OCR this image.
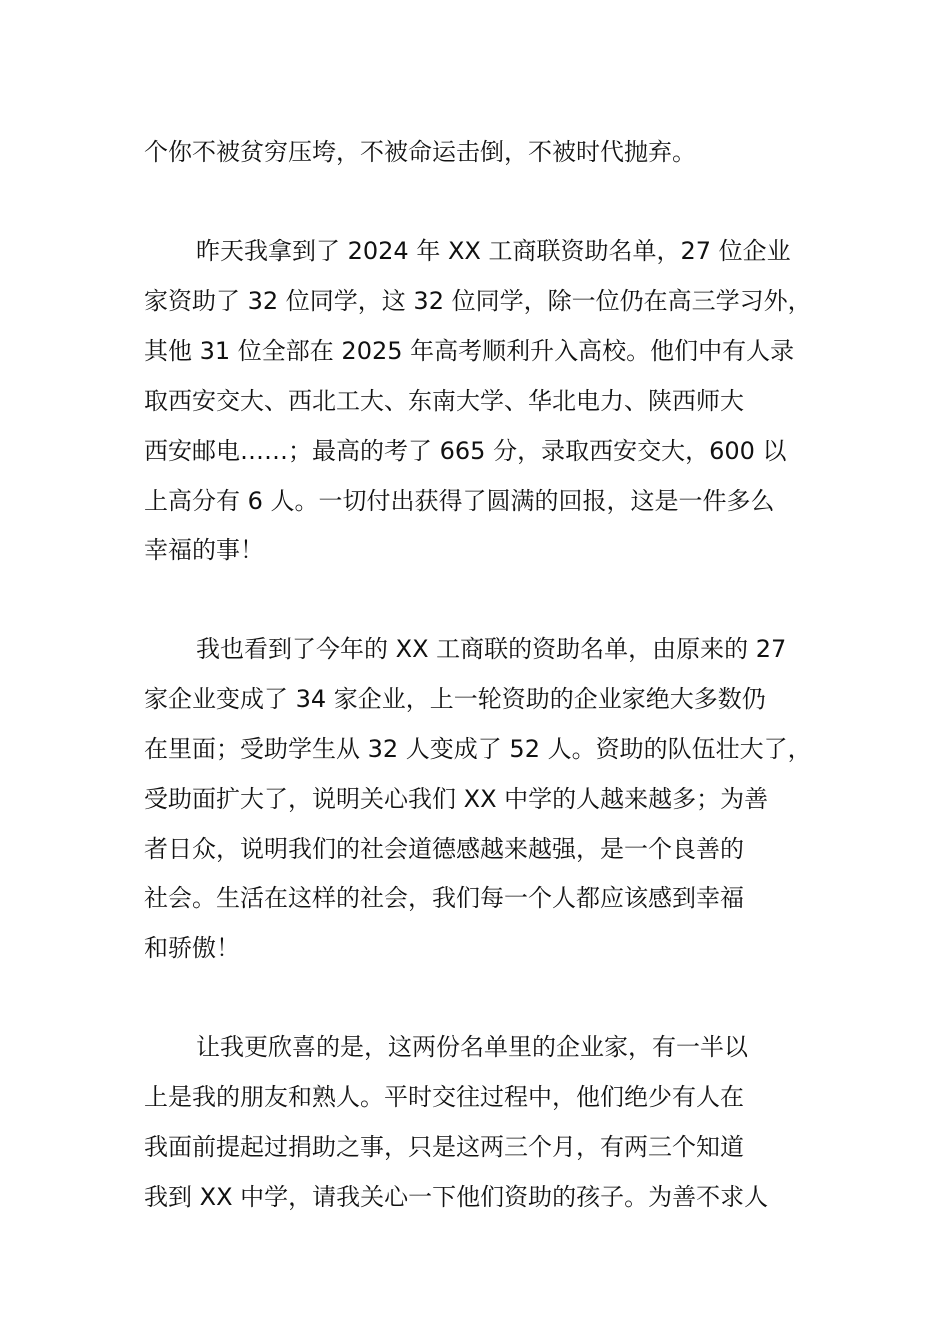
个你不被贫穷压垮，不被命运击倒，不被时代抛弃。
昨天我拿到了 2024 年 XX 工商联资助名单，27 位企业
家资助了 32 位同学，这 32 位同学，除一位仍在高三学习外，
其他 31 位全部在 2025 年高考顺利升入高校。他们中有人录
取西安交大、西北工大、东南大学、华北电力、陕西师大
西安邮电……；最高的考了 665 分，录取西安交大，600 以
上高分有 6 人。一切付出获得了圆满的回报，这是一件多么
幸福的事！
我也看到了今年的 XX 工商联的资助名单，由原来的 27
家企业变成了 34 家企业，上一轮资助的企业家绝大多数仍
在里面；受助学生从 32 人变成了 52 人。资助的队伍壮大了，
受助面扩大了，说明关心我们 XX 中学的人越来越多；为善
者日众，说明我们的社会道德感越来越强，是一个良善的
社会。生活在这样的社会，我们每一个人都应该感到幸福
和骄傲！
让我更欣喜的是，这两份名单里的企业家，有一半以
上是我的朋友和熟人。平时交往过程中，他们绝少有人在
我面前提起过捐助之事，只是这两三个月，有两三个知道
我到 XX 中学，请我关心一下他们资助的孩子。为善不求人
